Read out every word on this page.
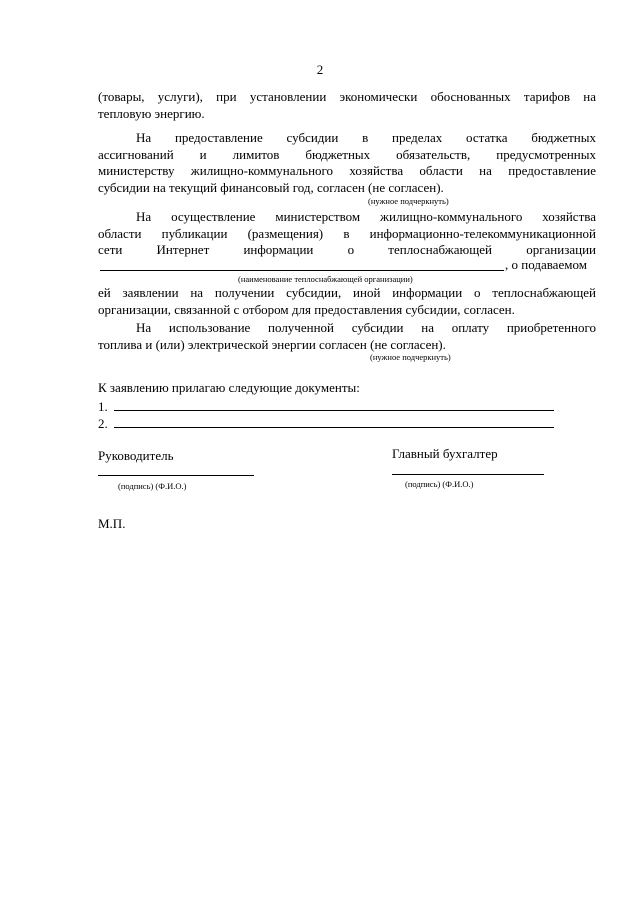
2
(товары, услуги), при установлении экономически обоснованных тарифов на
тепловую энергию.
На предоставление субсидии в пределах остатка бюджетных
ассигнований и лимитов бюджетных обязательств, предусмотренных
министерству жилищно-коммунального хозяйства области на предоставление
субсидии на текущий финансовый год, согласен (не согласен).
(нужное подчеркнуть)
На осуществление министерством жилищно-коммунального хозяйства
области публикации (размещения) в информационно-телекоммуникационной
сети Интернет информации о теплоснабжающей организации
, о подаваемом
(наименование теплоснабжающей организации)
ей заявлении на получении субсидии, иной информации о теплоснабжающей
организации, связанной с отбором для предоставления субсидии, согласен.
На использование полученной субсидии на оплату приобретенного
топлива и (или) электрической энергии согласен (не согласен).
(нужное подчеркнуть)
К заявлению прилагаю следующие документы:
1.
2.
Руководитель
(подпись) (Ф.И.О.)
Главный бухгалтер
(подпись) (Ф.И.О.)
М.П.
